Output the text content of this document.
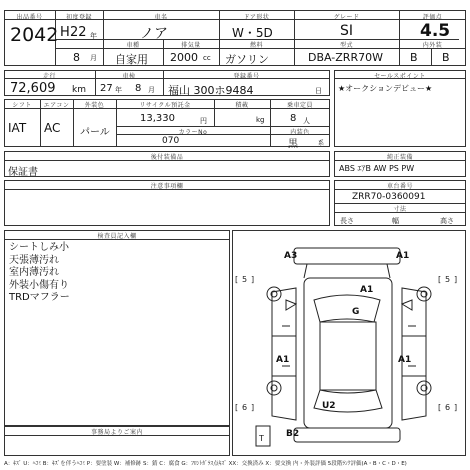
出品番号
2042
初度登録
H 22 年
8 月
車名
ノア
ドア形状
W・5D
グレード
SI
評価点
4.5
車種
自家用
排気量
2000 cc
燃料
ガソリン
型式
DBA-ZRR70W
内外装
B B
走行
72,609 km
車検
27 年 8 月
登録番号
福山 300ホ9484	日
セールスポイント
★オークションデビュー★
シフト
IAT
エアコン
AC
外装色
パール
リサイクル預託金
13,330	円
積載
kg
乗車定員
8 人
カラーNo
070
内装色
黒	系
後付装備品
保証書
純正装備
ABS ｴｱB AW PS PW
注意事項欄	車台番号
ZRR70-0360091
寸法
長さ	幅	高さ
検査員記入欄
シートしみ小
天張薄汚れ
室内薄汚れ
外装小傷有り
TRDマフラー
事務局よりご案内
[ 5 ]	[ 5 ]
[ 6 ]	[ 6 ]
T
A3	A1
A1
G
A1	A1
U2
B2
A：ｷｽﾞ U：ﾍｺﾐ B：ｷｽﾞを伴うﾍｺﾐ P：要塗装 W：補修跡 S：錆 C：腐食 G：ﾌﾛﾝﾄｶﾞﾗｽ点ｷｽﾞ XX：交換済み X：要交換 内・外装評価 5段階ﾗﾝｸ評価(A・B・C・D・E)
